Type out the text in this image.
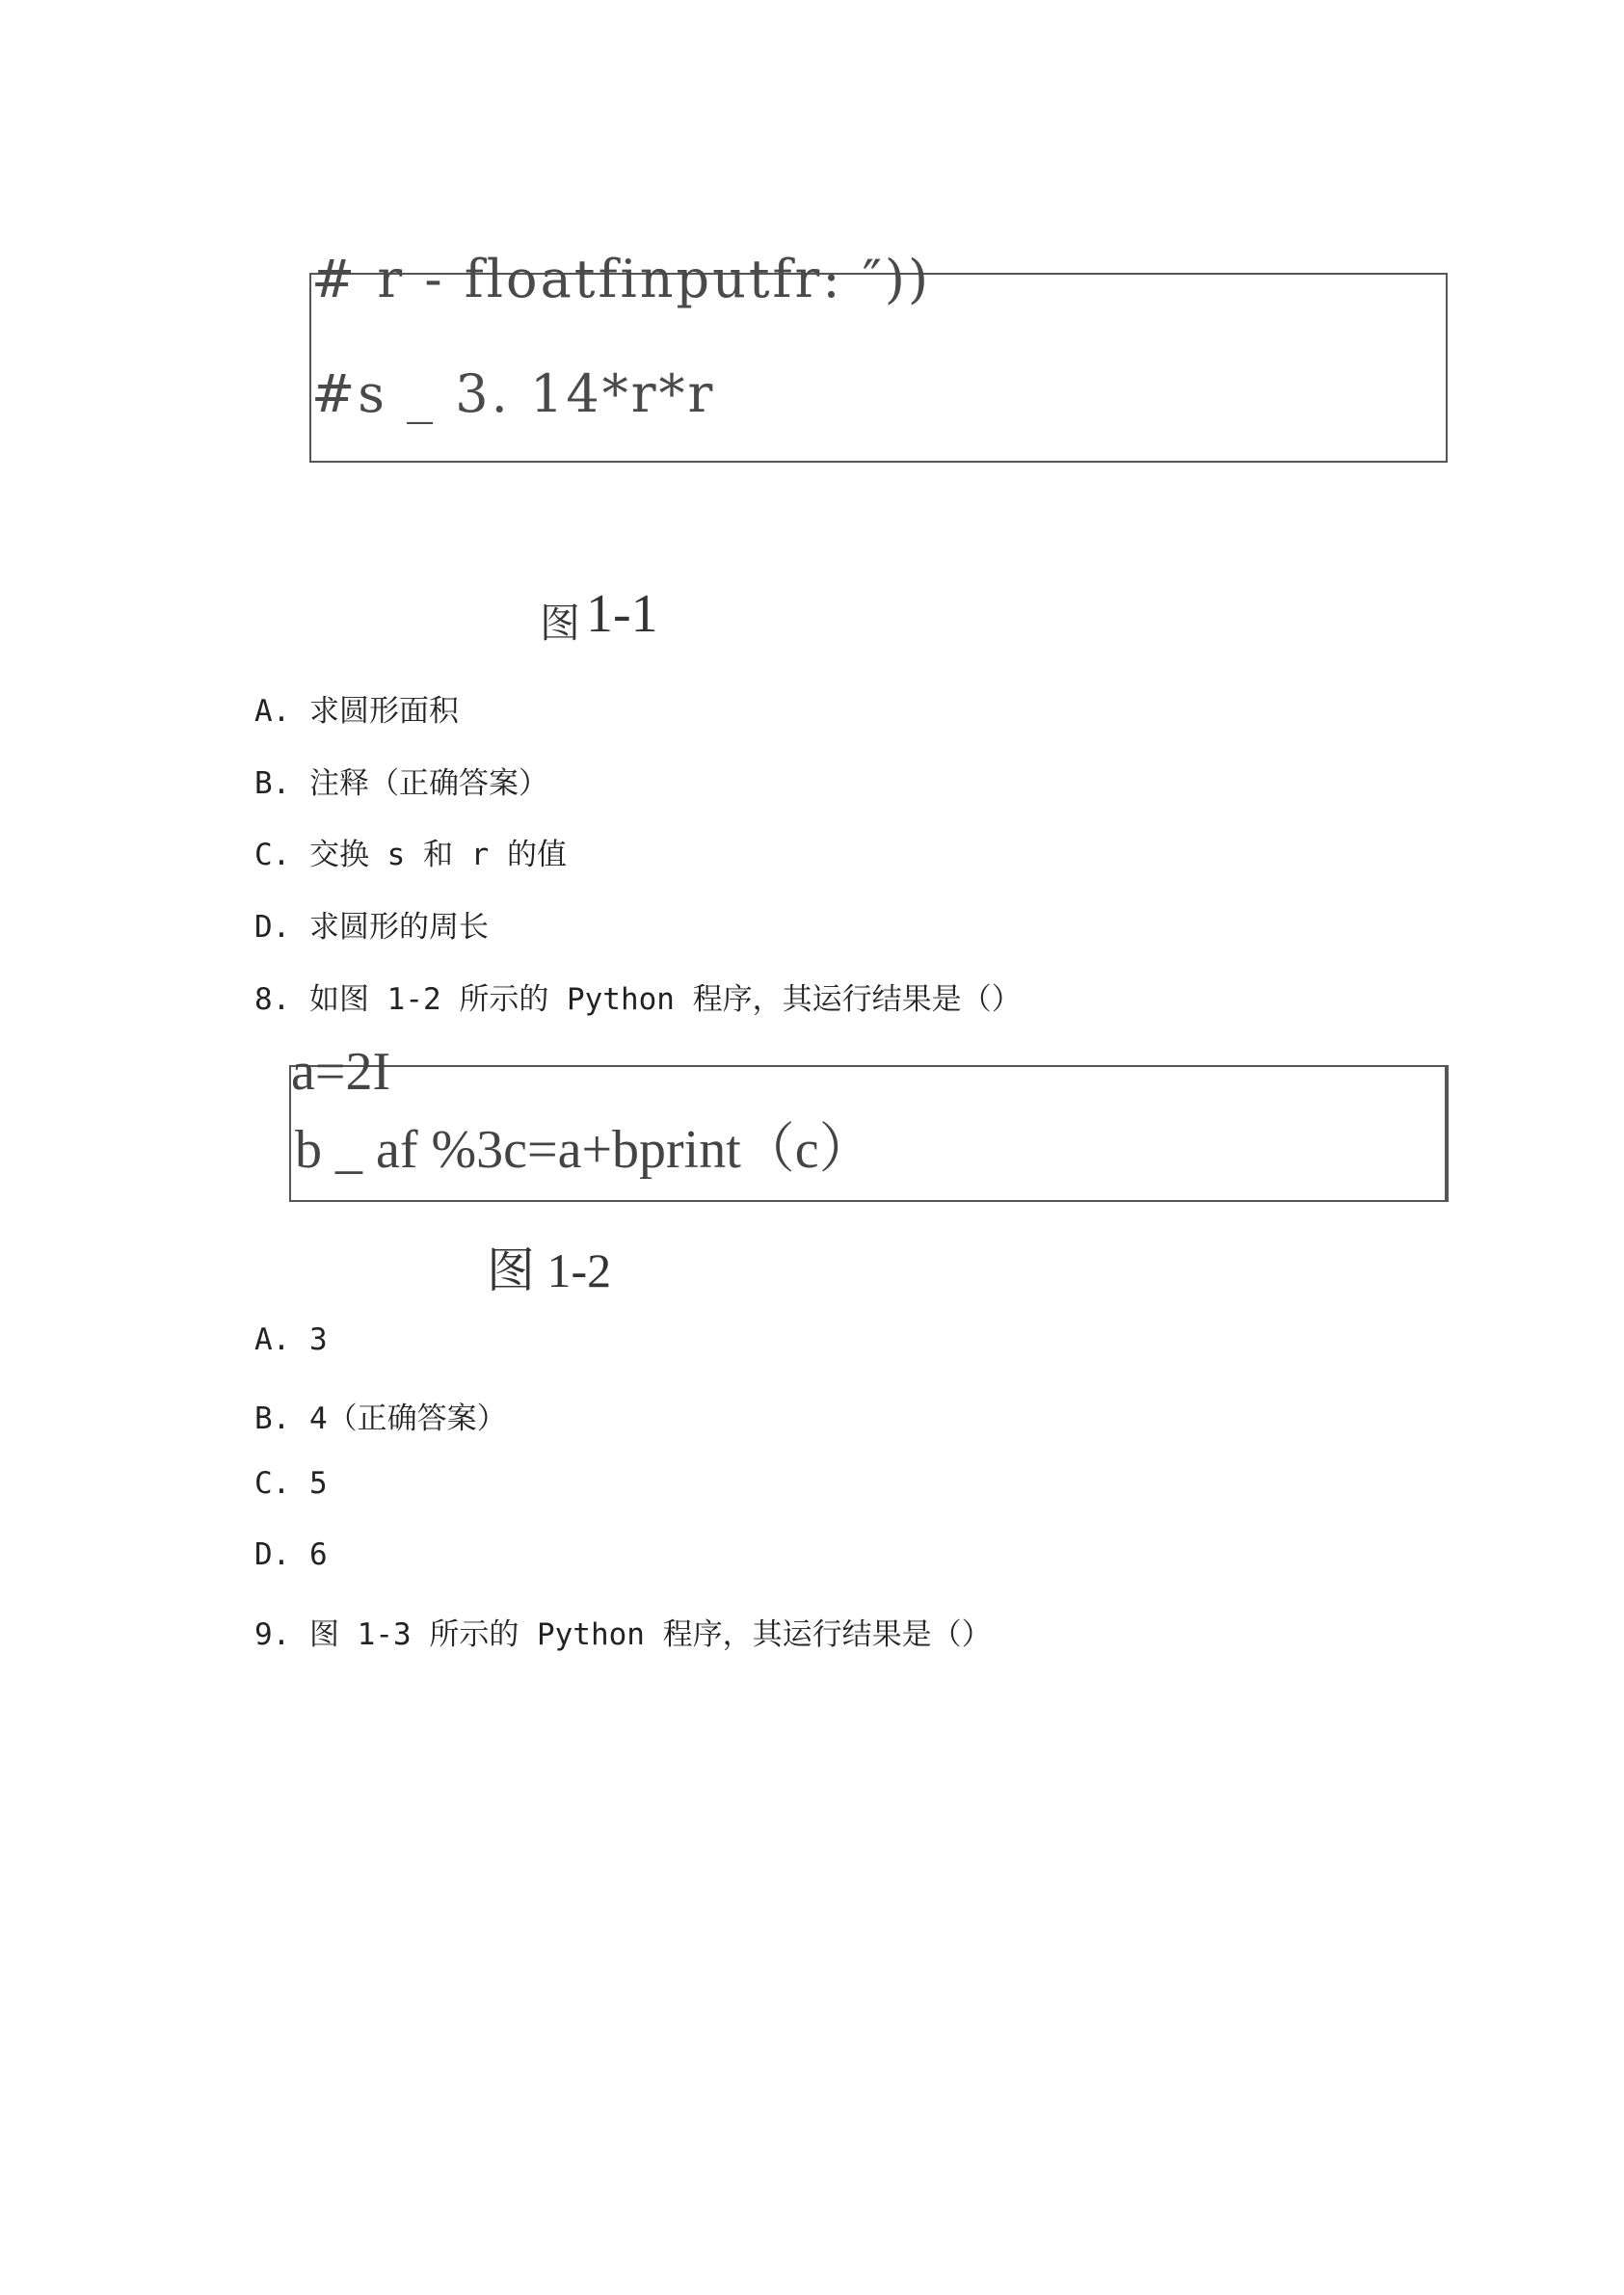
# r - floatfinputfr: ″))
#s _ 3. 14*r*r
图 1-1
A. 求圆形面积
B. 注释（正确答案）
C. 交换 s 和 r 的值
D. 求圆形的周长
8. 如图 1-2 所示的 Python 程序，其运行结果是（）
a=2I
b _ af %3c=a+bprint（c）
图 1-2
A. 3
B. 4（正确答案）
C. 5
D. 6
9. 图 1-3 所示的 Python 程序，其运行结果是（）
